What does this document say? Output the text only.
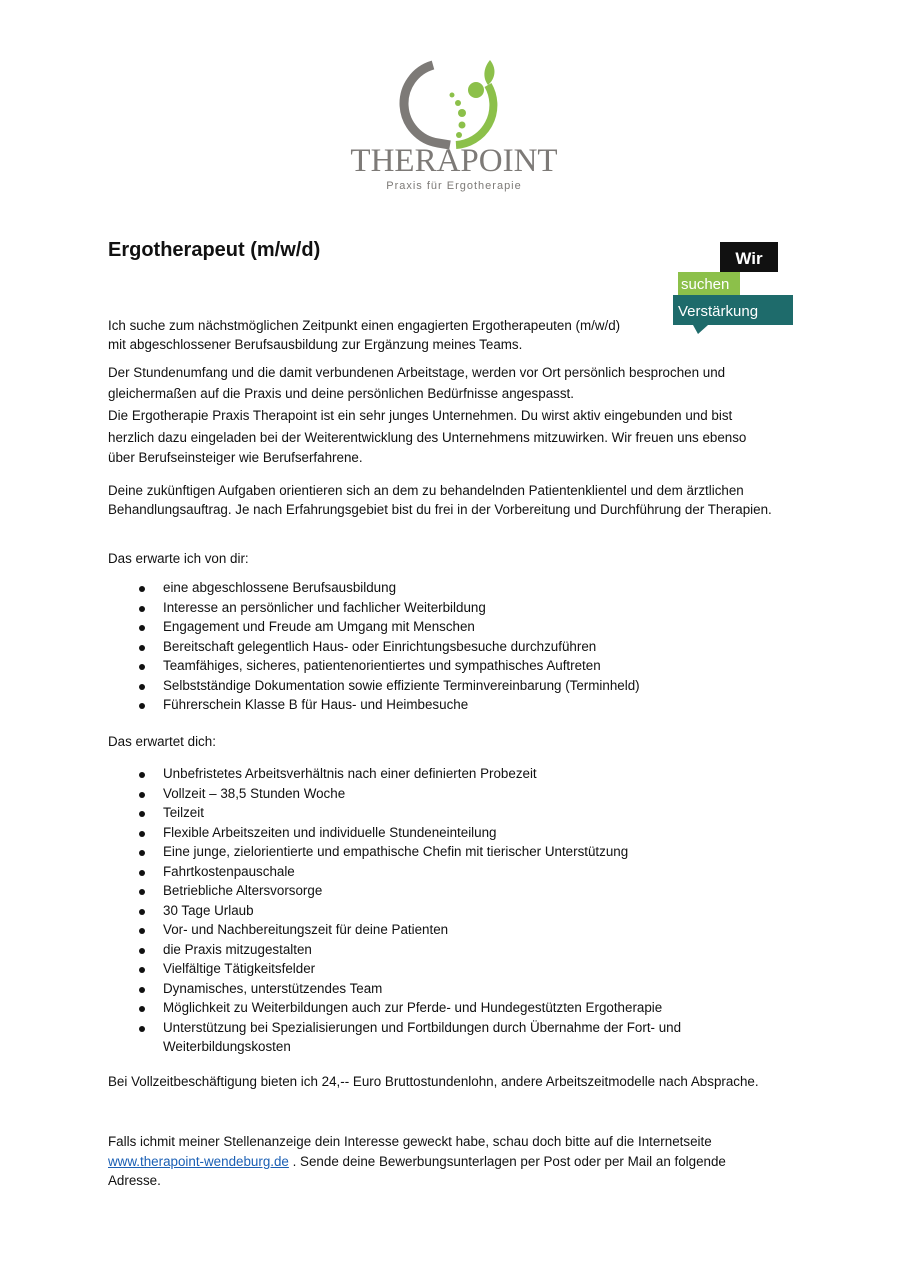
THERAPOINT
Praxis für Ergotherapie
Wir
suchen
Verstärkung
Ergotherapeut (m/w/d)
Ich suche zum nächstmöglichen Zeitpunkt einen engagierten Ergotherapeuten (m/w/d)
mit abgeschlossener Berufsausbildung zur Ergänzung meines Teams.
Der Stundenumfang und die damit verbundenen Arbeitstage, werden vor Ort persönlich besprochen und
gleichermaßen auf die Praxis und deine persönlichen Bedürfnisse angespasst.
Die Ergotherapie Praxis Therapoint ist ein sehr junges Unternehmen. Du wirst aktiv eingebunden und bist
herzlich dazu eingeladen bei der Weiterentwicklung des Unternehmens mitzuwirken. Wir freuen uns ebenso
über Berufseinsteiger wie Berufserfahrene.
Deine zukünftigen Aufgaben orientieren sich an dem zu behandelnden Patientenklientel und dem ärztlichen
Behandlungsauftrag. Je nach Erfahrungsgebiet bist du frei in der Vorbereitung und Durchführung der Therapien.
Das erwarte ich von dir:
eine abgeschlossene Berufsausbildung
Interesse an persönlicher und fachlicher Weiterbildung
Engagement und Freude am Umgang mit Menschen
Bereitschaft gelegentlich Haus- oder Einrichtungsbesuche durchzuführen
Teamfähiges, sicheres, patientenorientiertes und sympathisches Auftreten
Selbstständige Dokumentation sowie effiziente Terminvereinbarung (Terminheld)
Führerschein Klasse B für Haus- und Heimbesuche
Das erwartet dich:
Unbefristetes Arbeitsverhältnis nach einer definierten Probezeit
Vollzeit – 38,5 Stunden Woche
Teilzeit
Flexible Arbeitszeiten und individuelle Stundeneinteilung
Eine junge, zielorientierte und empathische Chefin mit tierischer Unterstützung
Fahrtkostenpauschale
Betriebliche Altersvorsorge
30 Tage Urlaub
Vor- und Nachbereitungszeit für deine Patienten
die Praxis mitzugestalten
Vielfältige Tätigkeitsfelder
Dynamisches, unterstützendes Team
Möglichkeit zu Weiterbildungen auch zur Pferde- und Hundegestützten Ergotherapie
Unterstützung bei Spezialisierungen und Fortbildungen durch Übernahme der Fort- und
Weiterbildungskosten
Bei Vollzeitbeschäftigung bieten ich 24,-- Euro Bruttostundenlohn, andere Arbeitszeitmodelle nach Absprache.
Falls ichmit meiner Stellenanzeige dein Interesse geweckt habe, schau doch bitte auf die Internetseite
www.therapoint-wendeburg.de . Sende deine Bewerbungsunterlagen per Post oder per Mail an folgende
Adresse.
